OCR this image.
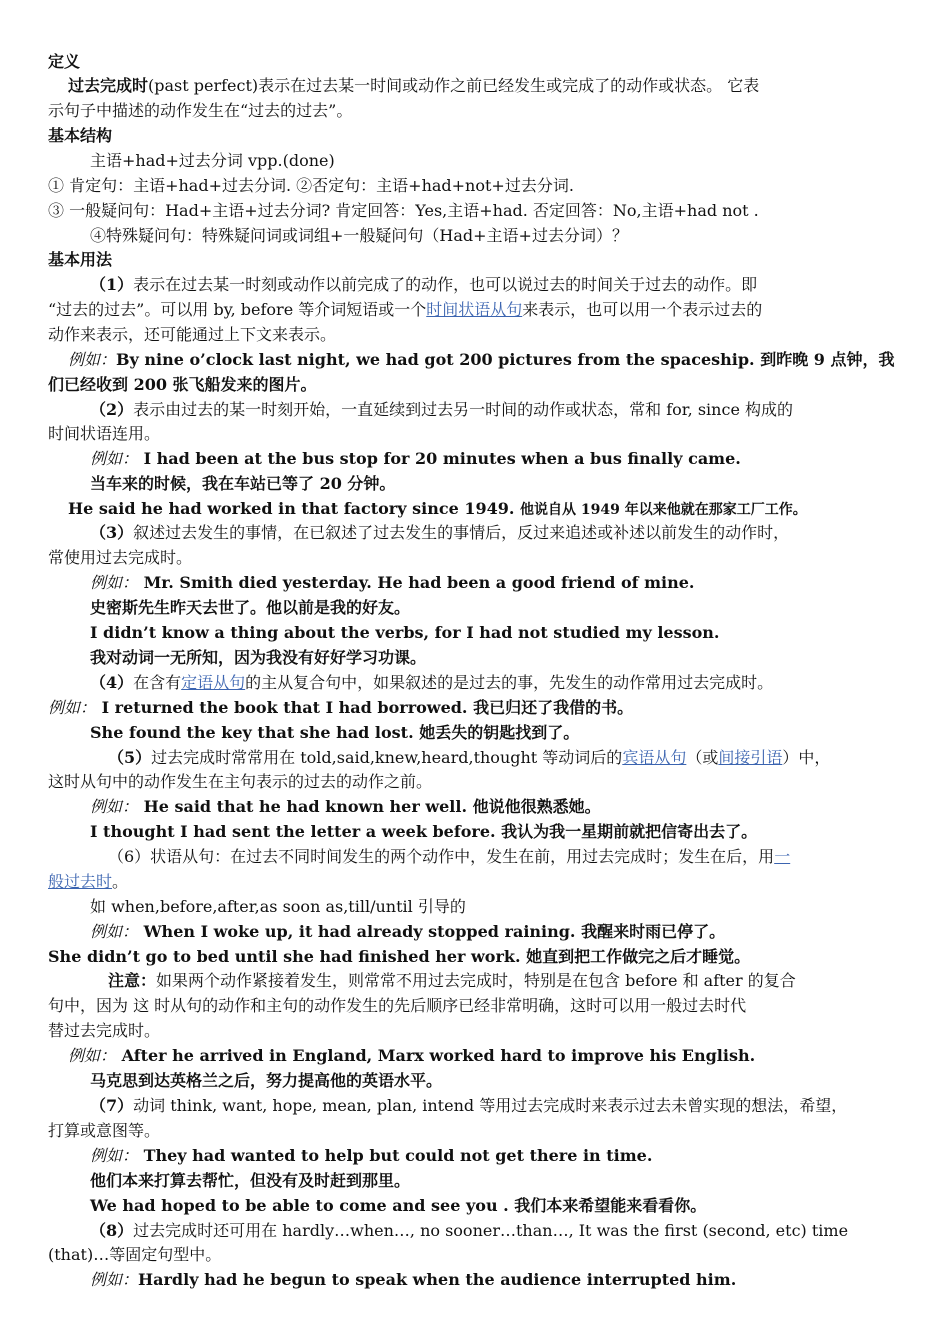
定义
过去完成时(past perfect)表示在过去某一时间或动作之前已经发生或完成了的动作或状态。 它表
示句子中描述的动作发生在“过去的过去”。
基本结构
主语+had+过去分词 vpp.(done)
① 肯定句：主语+had+过去分词. ②否定句：主语+had+not+过去分词.
③ 一般疑问句：Had+主语+过去分词? 肯定回答：Yes,主语+had. 否定回答：No,主语+had not .
④特殊疑问句：特殊疑问词或词组+一般疑问句（Had+主语+过去分词）？
基本用法
（1）表示在过去某一时刻或动作以前完成了的动作，也可以说过去的时间关于过去的动作。即
“过去的过去”。可以用 by, before 等介词短语或一个时间状语从句来表示，也可以用一个表示过去的
动作来表示，还可能通过上下文来表示。
例如：By nine o’clock last night, we had got 200 pictures from the spaceship. 到昨晚 9 点钟，我
们已经收到 200 张飞船发来的图片。
（2）表示由过去的某一时刻开始，一直延续到过去另一时间的动作或状态，常和 for, since 构成的
时间状语连用。
例如： I had been at the bus stop for 20 minutes when a bus finally came.
当车来的时候，我在车站已等了 20 分钟。
He said he had worked in that factory since 1949. 他说自从 1949 年以来他就在那家工厂工作。
（3）叙述过去发生的事情，在已叙述了过去发生的事情后，反过来追述或补述以前发生的动作时，
常使用过去完成时。
例如： Mr. Smith died yesterday. He had been a good friend of mine.
史密斯先生昨天去世了。他以前是我的好友。
I didn’t know a thing about the verbs, for I had not studied my lesson.
我对动词一无所知，因为我没有好好学习功课。
（4）在含有定语从句的主从复合句中，如果叙述的是过去的事，先发生的动作常用过去完成时。
例如： I returned the book that I had borrowed. 我已归还了我借的书。
She found the key that she had lost. 她丢失的钥匙找到了。
（5）过去完成时常常用在 told,said,knew,heard,thought 等动词后的宾语从句（或间接引语）中，
这时从句中的动作发生在主句表示的过去的动作之前。
例如： He said that he had known her well. 他说他很熟悉她。
I thought I had sent the letter a week before. 我认为我一星期前就把信寄出去了。
（6）状语从句：在过去不同时间发生的两个动作中，发生在前，用过去完成时；发生在后，用一
般过去时。
如 when,before,after,as soon as,till/until 引导的
例如： When I woke up, it had already stopped raining. 我醒来时雨已停了。
She didn’t go to bed until she had finished her work. 她直到把工作做完之后才睡觉。
注意：如果两个动作紧接着发生，则常常不用过去完成时，特别是在包含 before 和 after 的复合
句中，因为 这 时从句的动作和主句的动作发生的先后顺序已经非常明确，这时可以用一般过去时代
替过去完成时。
例如： After he arrived in England, Marx worked hard to improve his English.
马克思到达英格兰之后，努力提高他的英语水平。
（7）动词 think, want, hope, mean, plan, intend 等用过去完成时来表示过去未曾实现的想法，希望，
打算或意图等。
例如： They had wanted to help but could not get there in time.
他们本来打算去帮忙，但没有及时赶到那里。
We had hoped to be able to come and see you . 我们本来希望能来看看你。
（8）过去完成时还可用在 hardly…when…, no sooner…than…, It was the first (second, etc) time
(that)…等固定句型中。
例如：Hardly had he begun to speak when the audience interrupted him.
